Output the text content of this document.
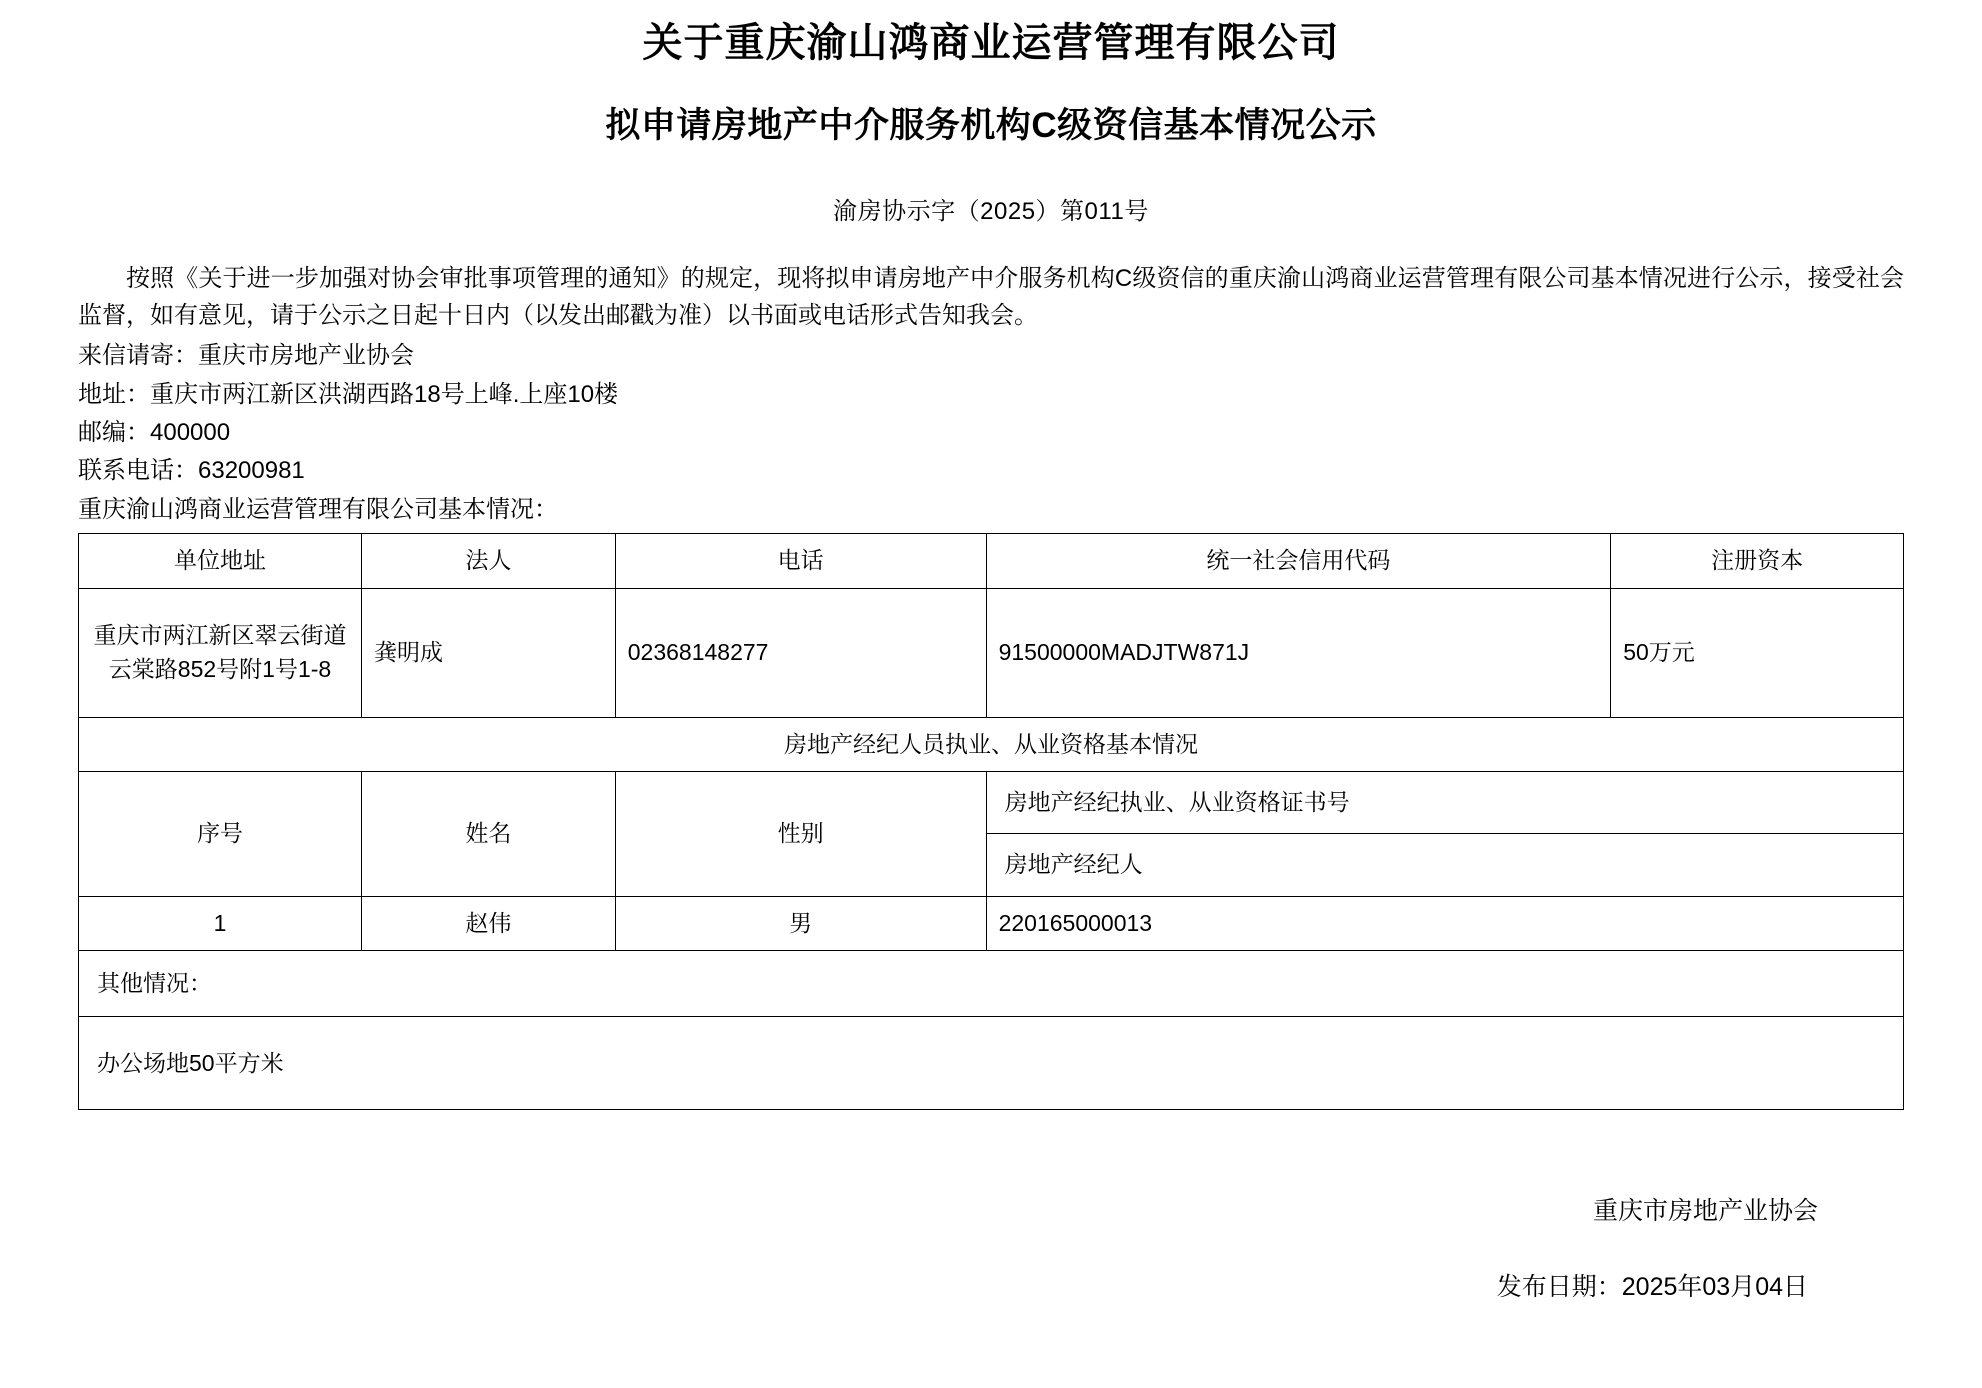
关于重庆渝山鸿商业运营管理有限公司
拟申请房地产中介服务机构C级资信基本情况公示
渝房协示字（2025）第011号
按照《关于进一步加强对协会审批事项管理的通知》的规定，现将拟申请房地产中介服务机构C级资信的重庆渝山鸿商业运营管理有限公司基本情况进行公示，接受社会监督，如有意见，请于公示之日起十日内（以发出邮戳为准）以书面或电话形式告知我会。
来信请寄：重庆市房地产业协会
地址：重庆市两江新区洪湖西路18号上峰.上座10楼
邮编：400000
联系电话：63200981
重庆渝山鸿商业运营管理有限公司基本情况：
单位地址	法人	电话	统一社会信用代码	注册资本
重庆市两江新区翠云街道云棠路852号附1号1-8	龚明成	02368148277	91500000MADJTW871J	50万元
房地产经纪人员执业、从业资格基本情况				
序号	姓名	性别	房地产经纪执业、从业资格证书号
房地产经纪人	

1	赵伟	男	220165000013	
其他情况：				
办公场地50平方米				
重庆市房地产业协会
发布日期：2025年03月04日
